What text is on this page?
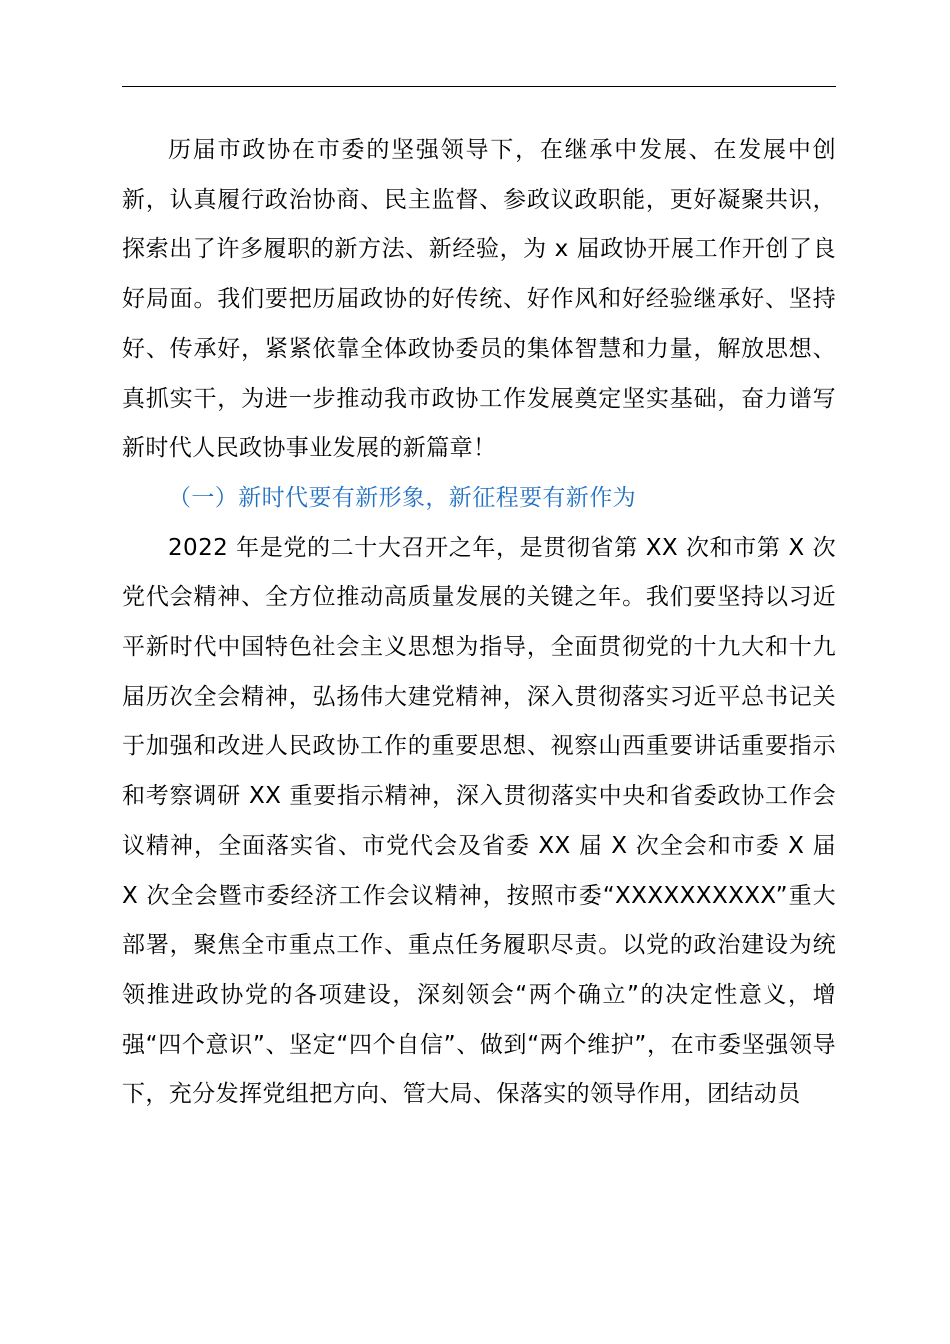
历届市政协在市委的坚强领导下，在继承中发展、在发展中创新，认真履行政治协商、民主监督、参政议政职能，更好凝聚共识，探索出了许多履职的新方法、新经验，为 x 届政协开展工作开创了良好局面。我们要把历届政协的好传统、好作风和好经验继承好、坚持好、传承好，紧紧依靠全体政协委员的集体智慧和力量，解放思想、真抓实干，为进一步推动我市政协工作发展奠定坚实基础，奋力谱写新时代人民政协事业发展的新篇章！

（一）新时代要有新形象，新征程要有新作为

2022 年是党的二十大召开之年，是贯彻省第 XX 次和市第 X 次党代会精神、全方位推动高质量发展的关键之年。我们要坚持以习近平新时代中国特色社会主义思想为指导，全面贯彻党的十九大和十九届历次全会精神，弘扬伟大建党精神，深入贯彻落实习近平总书记关于加强和改进人民政协工作的重要思想、视察山西重要讲话重要指示和考察调研 XX 重要指示精神，深入贯彻落实中央和省委政协工作会议精神，全面落实省、市党代会及省委 XX 届 X 次全会和市委 X 届 X 次全会暨市委经济工作会议精神，按照市委“XXXXXXXXXX”重大部署，聚焦全市重点工作、重点任务履职尽责。以党的政治建设为统领推进政协党的各项建设，深刻领会“两个确立”的决定性意义，增强“四个意识”、坚定“四个自信”、做到“两个维护”，在市委坚强领导下，充分发挥党组把方向、管大局、保落实的领导作用，团结动员
